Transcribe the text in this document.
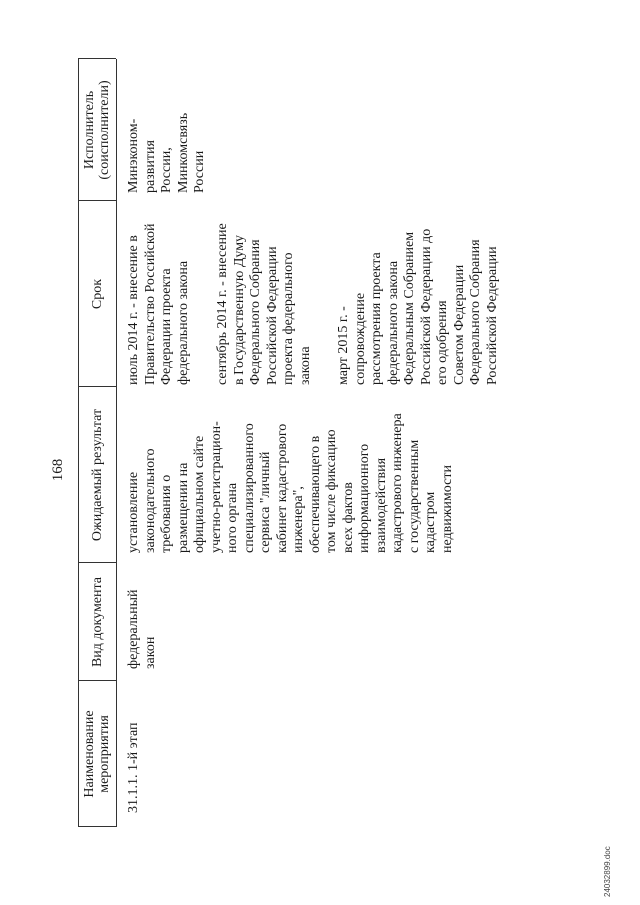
168
Наименование
мероприятия
Вид документа
Ожидаемый результат
Срок
Исполнитель
(соисполнители)
31.1.1. 1-й этап
федеральный
закон
установление
законодательного
требования о
размещении на
официальном сайте
учетно-регистрацион-
ного органа
специализированного
сервиса "личный
кабинет кадастрового
инженера",
обеспечивающего в
том числе фиксацию
всех фактов
информационного
взаимодействия
кадастрового инженера
с государственным
кадастром
недвижимости
июль 2014 г. - внесение в
Правительство Российской
Федерации проекта
федерального закона
сентябрь 2014 г. - внесение
в Государственную Думу
Федерального Собрания
Российской Федерации
проекта федерального
закона март 2015 г. -
сопровождение
рассмотрения проекта
федерального закона
Федеральным Собранием
Российской Федерации до
его одобрения
Советом Федерации
Федерального Собрания
Российской Федерации
Минэконом-
развития
России,
Минкомсвязь
России
24032899.doc
